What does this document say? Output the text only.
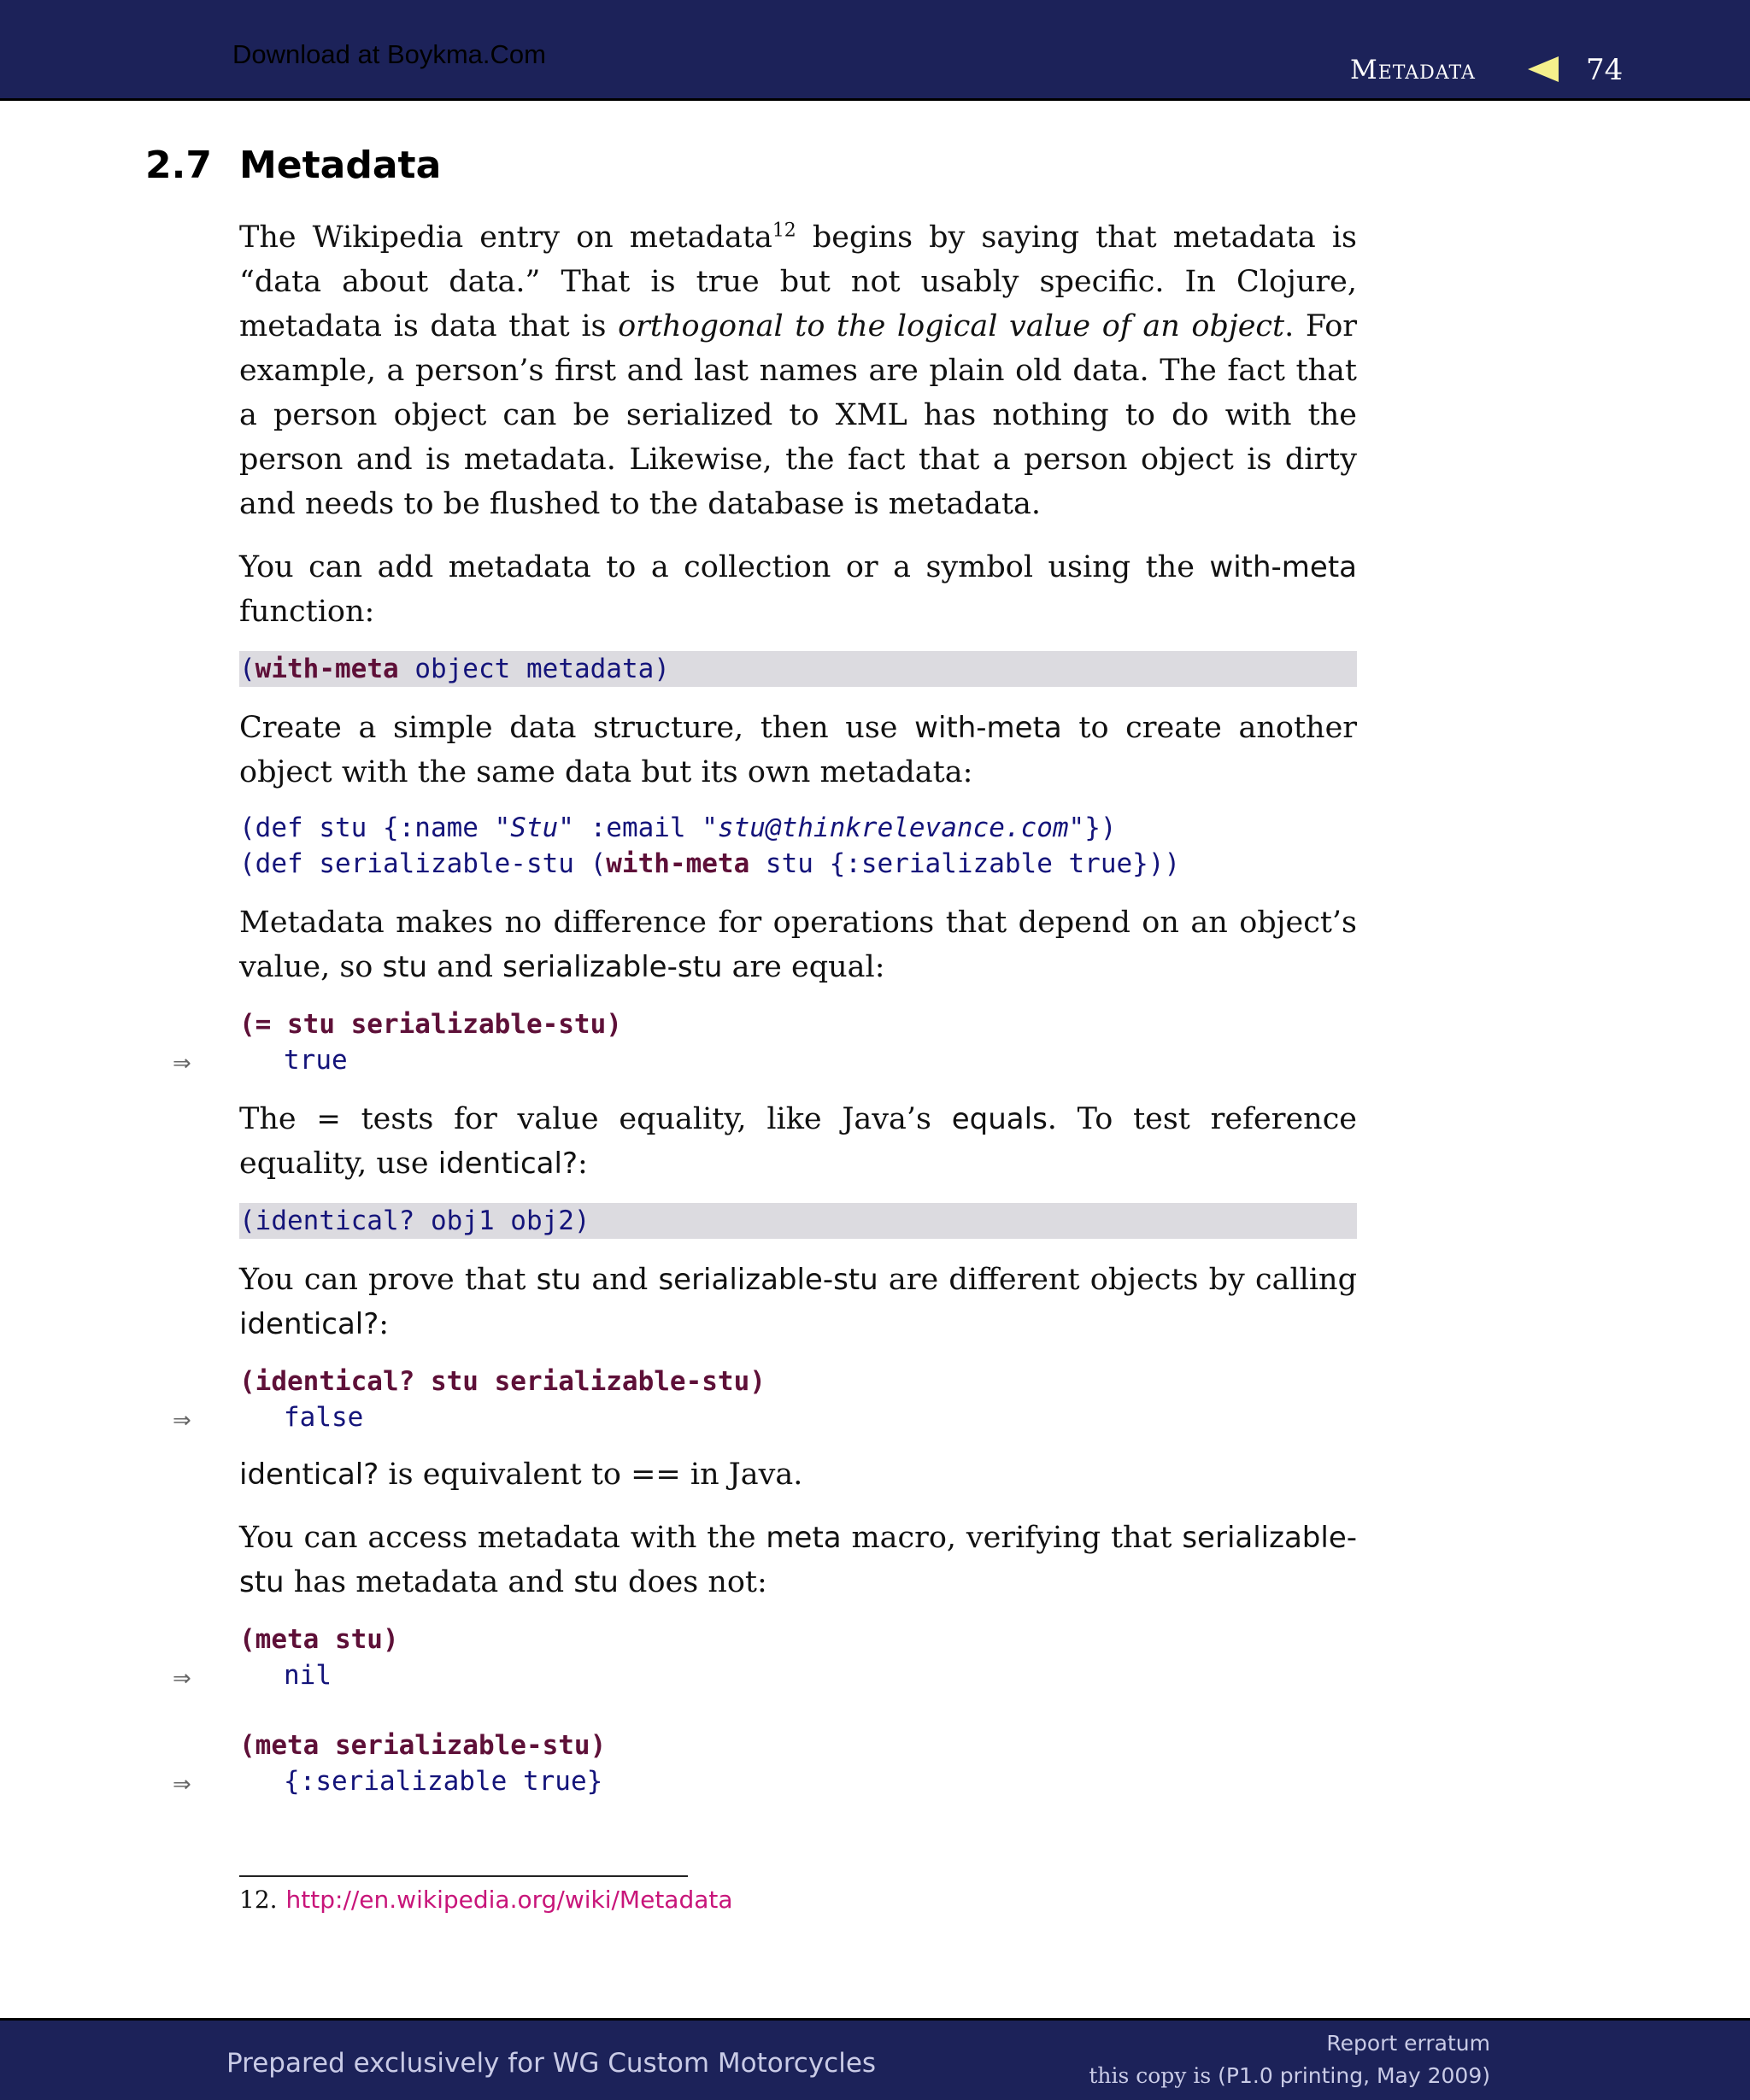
Download at Boykma.Com
Metadata	74
2.7 Metadata

The Wikipedia entry on metadata$^{12}$ begins by saying that metadata is “data about data.” That is true but not usably specific. In Clojure, metadata is data that is orthogonal to the logical value of an object. For example, a person’s first and last names are plain old data. The fact that a person object can be serialized to XML has nothing to do with the person and is metadata. Likewise, the fact that a person object is dirty and needs to be flushed to the database is metadata.

You can add metadata to a collection or a symbol using the with-meta function:

(with-meta object metadata)

Create a simple data structure, then use with-meta to create another object with the same data but its own metadata:

(def stu {:name "Stu" :email "stu@thinkrelevance.com"})
(def serializable-stu (with-meta stu {:serializable true}))

Metadata makes no difference for operations that depend on an object’s value, so stu and serializable-stu are equal:

(= stu serializable-stu)
⇒	true

The = tests for value equality, like Java’s equals. To test reference equality, use identical?:

(identical? obj1 obj2)

You can prove that stu and serializable-stu are different objects by calling identical?:

(identical? stu serializable-stu)
⇒	false

identical? is equivalent to == in Java.

You can access metadata with the meta macro, verifying that serializable-stu has metadata and stu does not:

(meta stu)
⇒	nil
(meta serializable-stu)
⇒	{:serializable true}
12. http://en.wikipedia.org/wiki/Metadata
Prepared exclusively for WG Custom Motorcycles
Report erratum
this copy is (P1.0 printing, May 2009)
